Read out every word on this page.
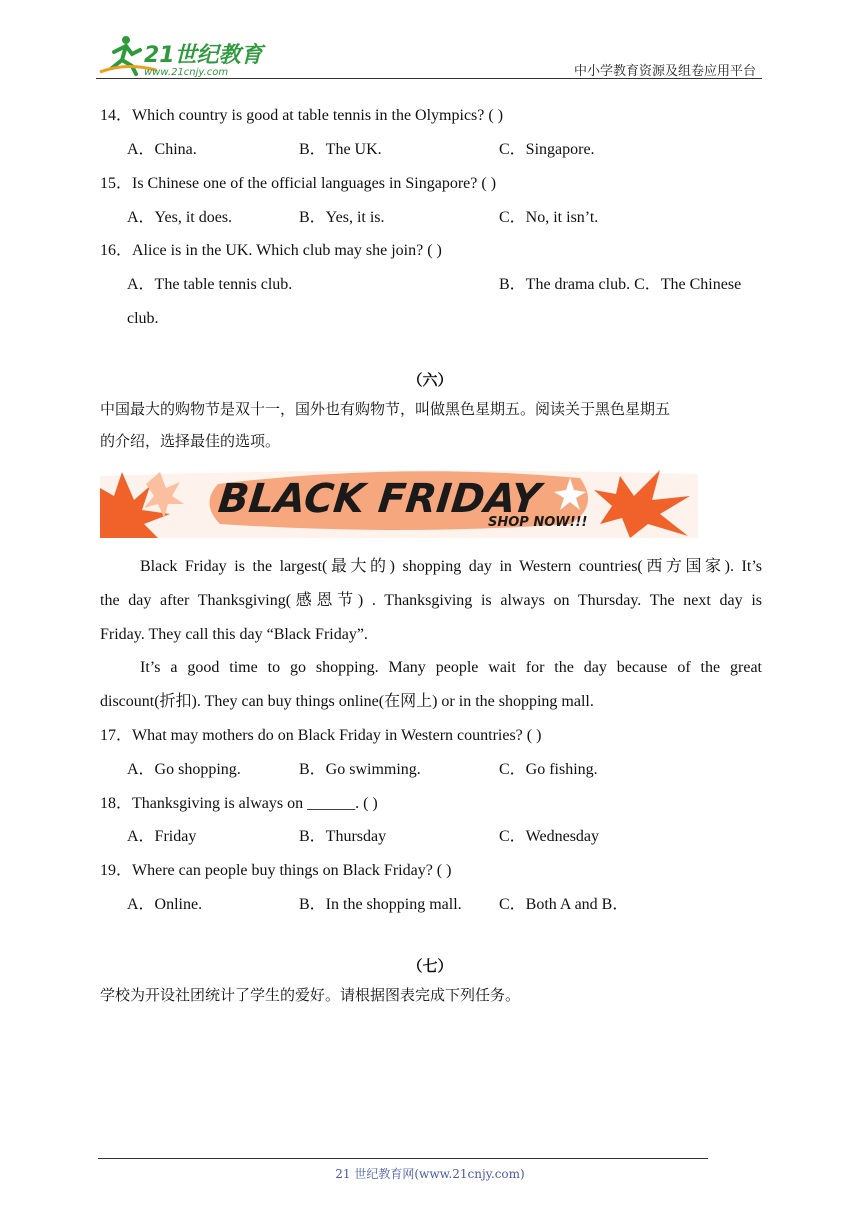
21世纪教育
www.21cnjy.com	中小学教育资源及组卷应用平台
14．Which country is good at table tennis in the Olympics? ( )
A．China.	B．The UK.	C．Singapore.
15．Is Chinese one of the official languages in Singapore? ( )
A．Yes, it does.	B．Yes, it is.	C．No, it isn’t.
16．Alice is in the UK. Which club may she join? ( )
A．The table tennis club.	B．The drama club. C．The Chinese
club.
（六）
中国最大的购物节是双十一，国外也有购物节，叫做黑色星期五。阅读关于黑色星期五
的介绍，选择最佳的选项。
BLACK FRIDAY
SHOP NOW!!!
Black Friday is the largest(最大的) shopping day in Western countries(西方国家). It’s
the day after Thanksgiving(感恩节) . Thanksgiving is always on Thursday. The next day is
Friday. They call this day “Black Friday”.
It’s a good time to go shopping. Many people wait for the day because of the great
discount(折扣). They can buy things online(在网上) or in the shopping mall.
17．What may mothers do on Black Friday in Western countries? ( )
A．Go shopping.	B．Go swimming.	C．Go fishing.
18．Thanksgiving is always on ______. ( )
A．Friday	B．Thursday	C．Wednesday
19．Where can people buy things on Black Friday? ( )
A．Online.	B．In the shopping mall. C．Both A and B．
（七）
学校为开设社团统计了学生的爱好。请根据图表完成下列任务。
21 世纪教育网(www.21cnjy.com)
